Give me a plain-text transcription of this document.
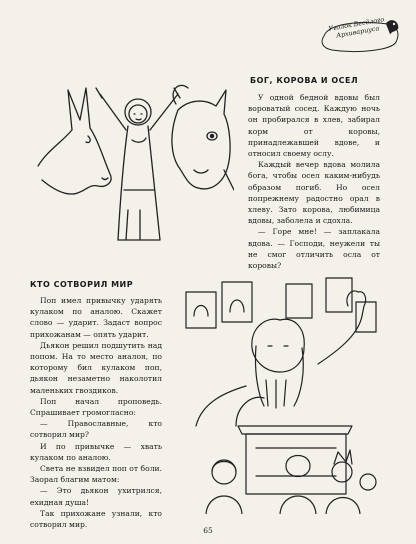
Уголок Весёлого Архивариуса
БОГ, КОРОВА И ОСЕЛ

У одной бедной вдовы был вороватый сосед. Каждую ночь он пробирался в хлев, забирал корм от коровы, принадлежавшей вдове, и относил своему ослу.

Каждый вечер вдова молила бога, чтобы осел каким-нибудь образом погиб. Но осел попрежнему радостно орал в хлеву. Зато корова, любимица вдовы, заболела и сдохла.

— Горе мне! — заплакала вдова. — Господи, неужели ты не смог отличить осла от коровы?

КТО СОТВОРИЛ МИР

Поп имел привычку ударять кулаком по аналою. Скажет слово — ударит. Задаст вопрос прихожанам — опять ударит.

Дьякон решил подшутить над попом. На то место аналоя, по которому бил кулаком поп, дьякон незаметно наколотил маленьких гвоздиков.

Поп начал проповедь. Спрашивает громогласно:

— Православные, кто сотворил мир?

И по привычке — хвать кулаком по аналою.

Света не взвидел поп от боли. Заорал благим матом:

— Это дьякон ухитрился, ехидная душа!

Так прихожане узнали, кто сотворил мир.

65
